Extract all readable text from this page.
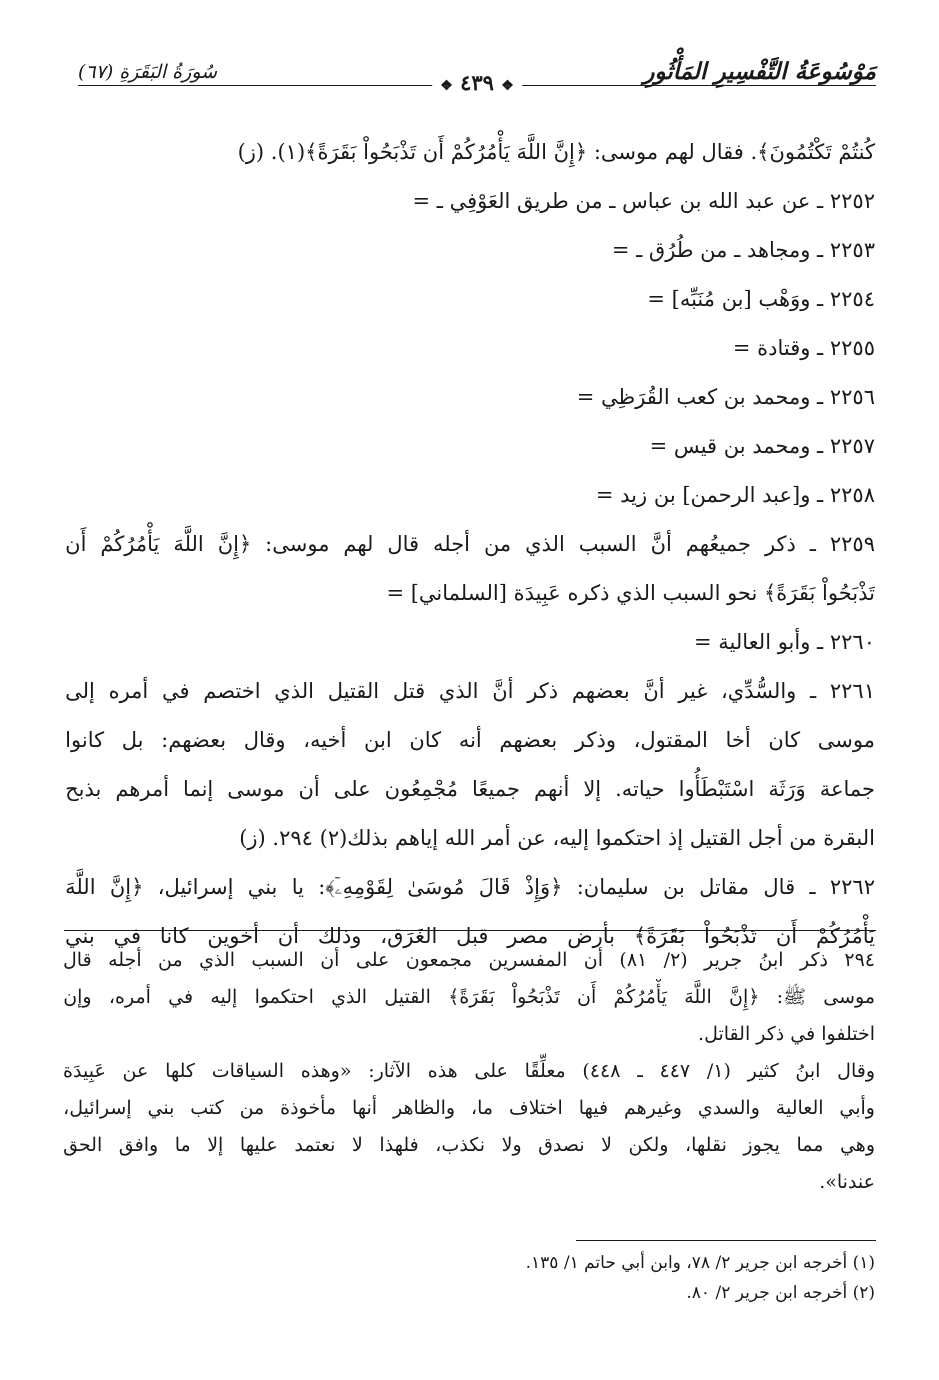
مَوْسُوعَةُ التَّفْسِيرِ المَأْثُورِ
❖ ٤٣٩ ❖
سُورَةُ البَقَرَةِ (٦٧)
كُنتُمْ تَكْتُمُونَ﴾. فقال لهم موسى: ﴿إِنَّ اللَّهَ يَأْمُرُكُمْ أَن تَذْبَحُواْ بَقَرَةً﴾(١). (ز)
٢٢٥٢ ـ عن عبد الله بن عباس ـ من طريق العَوْفِي ـ =
٢٢٥٣ ـ ومجاهد ـ من طُرُق ـ =
٢٢٥٤ ـ ووَهْب [بن مُنَبِّه] =
٢٢٥٥ ـ وقتادة =
٢٢٥٦ ـ ومحمد بن كعب القُرَظِي =
٢٢٥٧ ـ ومحمد بن قيس =
٢٢٥٨ ـ و[عبد الرحمن] بن زيد =
٢٢٥٩
ـ
ذكر
جميعُهم
أنَّ
السبب
الذي
من
أجله
قال
لهم
موسى:
﴿إِنَّ
اللَّهَ
يَأْمُرُكُمْ
أَن
تَذْبَحُواْ بَقَرَةً﴾ نحو السبب الذي ذكره عَبِيدَة [السلماني] =
٢٢٦٠ ـ وأبو العالية =
٢٢٦١
ـ
والسُّدِّي،
غير
أنَّ
بعضهم
ذكر
أنَّ
الذي
قتل
القتيل
الذي
اختصم
في
أمره
إلى
موسى
كان
أخا
المقتول،
وذكر
بعضهم
أنه
كان
ابن
أخيه،
وقال
بعضهم:
بل
كانوا
جماعة
وَرَثَة
اسْتَبْطَأُوا
حياته.
إلا
أنهم
جميعًا
مُجْمِعُون
على
أن
موسى
إنما
أمرهم
بذبح
البقرة من أجل القتيل إذ احتكموا إليه، عن أمر الله إياهم بذلك(٢) ٢٩٤. (ز)
٢٢٦٢
ـ
قال
مقاتل
بن
سليمان:
﴿وَإِذْ
قَالَ
مُوسَىٰ
لِقَوْمِهِۦٓ﴾:
يا
بني
إسرائيل،
﴿إِنَّ
اللَّهَ
يَأْمُرُكُمْ
أَن
تَذْبَحُواْ
بَقَرَةً﴾
بأرض
مصر
قبل
الغَرَق،
وذلك
أن
أخوين
كانا
في
بني
٢٩٤
ذكر
ابنُ
جرير
(٢/
٨١)
أن
المفسرين
مجمعون
على
أن
السبب
الذي
من
أجله
قال
موسى
ﷺ:
﴿إِنَّ
اللَّهَ
يَأْمُرُكُمْ
أَن
تَذْبَحُواْ
بَقَرَةً﴾
القتيل
الذي
احتكموا
إليه
في
أمره،
وإن
اختلفوا في ذكر القاتل.
وقال
ابنُ
كثير
(١/
٤٤٧
ـ
٤٤٨)
معلِّقًا
على
هذه
الآثار:
«وهذه
السياقات
كلها
عن
عَبِيدَة
وأبي
العالية
والسدي
وغيرهم
فيها
اختلاف
ما،
والظاهر
أنها
مأخوذة
من
كتب
بني
إسرائيل،
وهي
مما
يجوز
نقلها،
ولكن
لا
نصدق
ولا
نكذب،
فلهذا
لا
نعتمد
عليها
إلا
ما
وافق
الحق
عندنا».
(١) أخرجه ابن جرير ٢/ ٧٨، وابن أبي حاتم ١/ ١٣٥.
(٢) أخرجه ابن جرير ٢/ ٨٠.
